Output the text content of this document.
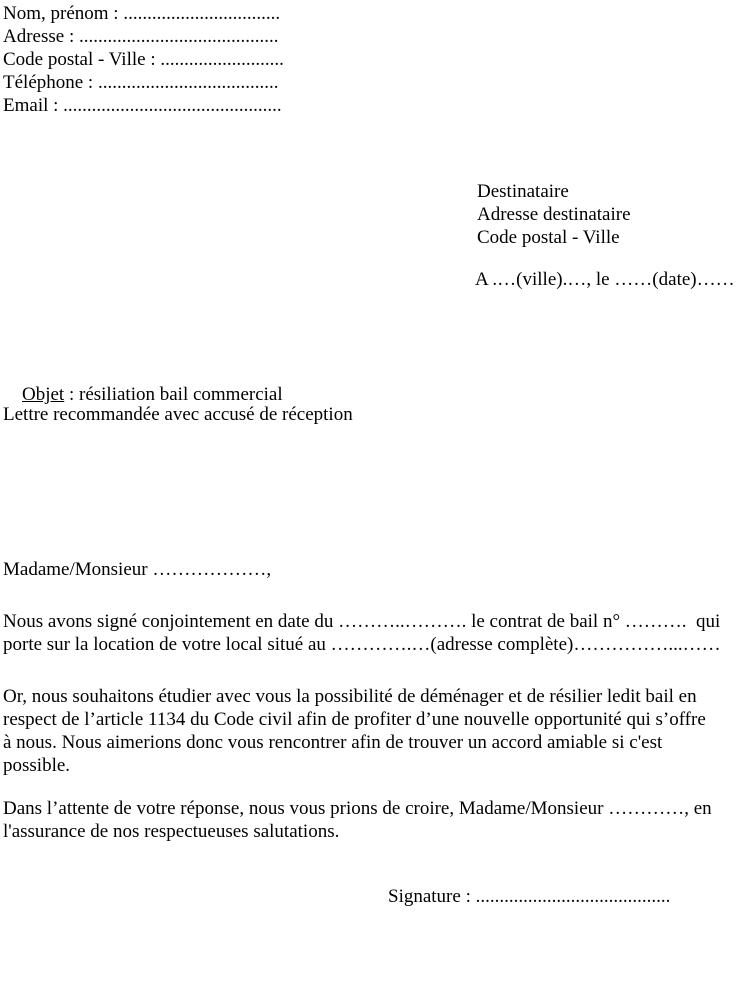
Nom, prénom : .................................
Adresse : ..........................................
Code postal - Ville : ..........................
Téléphone : ......................................
Email : ..............................................
Destinataire
Adresse destinataire
Code postal - Ville
A .…(ville).…, le ……(date)……

Objet : résiliation bail commercial

Lettre recommandée avec accusé de réception
Madame/Monsieur ………………,
Nous avons signé conjointement en date du ………..………. le contrat de bail n° ……….  qui
porte sur la location de votre local situé au ………….…(adresse complète)……………...……
Or, nous souhaitons étudier avec vous la possibilité de déménager et de résilier ledit bail en
respect de l’article 1134 du Code civil afin de profiter d’une nouvelle opportunité qui s’offre
à nous. Nous aimerions donc vous rencontrer afin de trouver un accord amiable si c'est
possible.
Dans l’attente de votre réponse, nous vous prions de croire, Madame/Monsieur …………, en
l'assurance de nos respectueuses salutations.
Signature : .........................................
